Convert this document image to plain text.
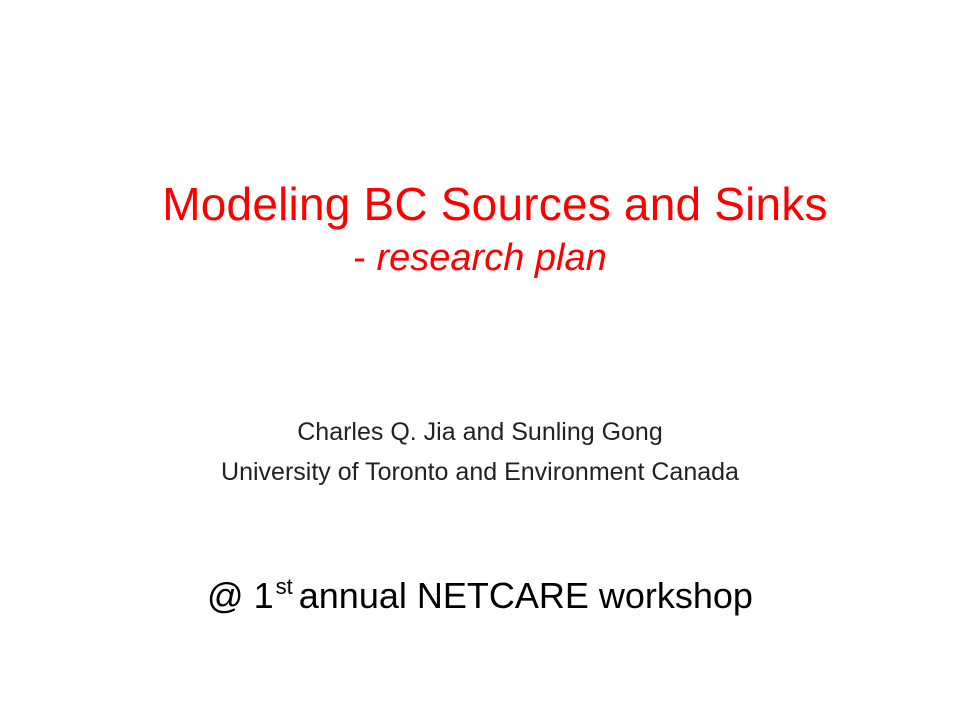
Modeling BC Sources and Sinks
- research plan
Charles Q. Jia and Sunling Gong
University of Toronto and Environment Canada
@ 1st annual NETCARE workshop
